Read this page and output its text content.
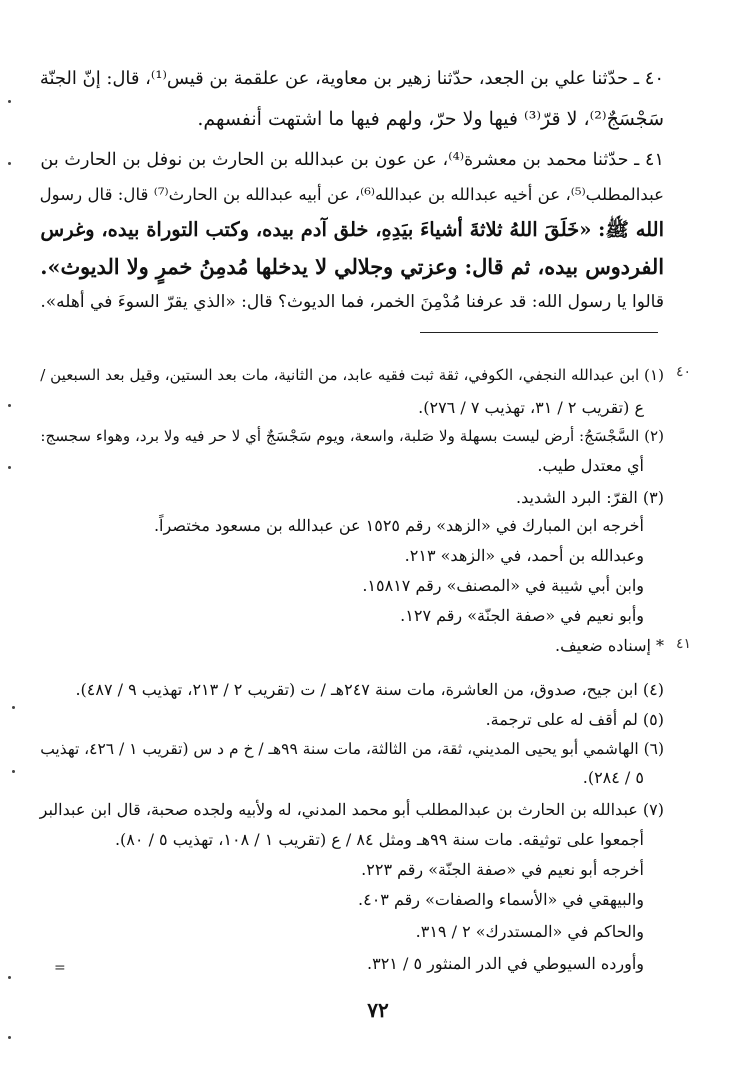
٤٠ ـ حدّثنا علي بن الجعد، حدّثنا زهير بن معاوية، عن علقمة بن قيس⁽¹⁾، قال: إنّ الجنّة
سَجْسَجٌ⁽²⁾، لا قرّ⁽³⁾ فيها ولا حرّ، ولهم فيها ما اشتهت أنفسهم.
٤١ ـ حدّثنا محمد بن معشرة⁽⁴⁾، عن عون بن عبدالله بن الحارث بن نوفل بن الحارث بن
عبدالمطلب⁽⁵⁾، عن أخيه عبدالله بن عبدالله⁽⁶⁾، عن أبيه عبدالله بن الحارث⁽⁷⁾ قال: قال رسول
الله ﷺ: «خَلَقَ اللهُ ثلاثةَ أشياءَ بيَدِهِ، خلق آدم بيده، وكتب التوراة بيده، وغرس
الفردوس بيده، ثم قال: وعزتي وجلالي لا يدخلها مُدمِنُ خمرٍ ولا الديوث».
قالوا يا رسول الله: قد عرفنا مُدْمِنَ الخمر، فما الديوث؟ قال: «الذي يقرّ السوءَ في أهله».
(١) ابن عبدالله النجفي، الكوفي، ثقة ثبت فقيه عابد، من الثانية، مات بعد الستين، وقيل بعد السبعين /
ع (تقريب ٢ / ٣١، تهذيب ٧ / ٢٧٦).
(٢) السَّجْسَجُ: أرض ليست بسهلة ولا صَلبة، واسعة، ويوم سَجْسَجٌ أي لا حر فيه ولا برد، وهواء سجسج:
أي معتدل طيب.
(٣) القرّ: البرد الشديد.
أخرجه ابن المبارك في «الزهد» رقم ١٥٢٥ عن عبدالله بن مسعود مختصراً.
وعبدالله بن أحمد، في «الزهد» ٢١٣.
وابن أبي شيبة في «المصنف» رقم ١٥٨١٧.
وأبو نعيم في «صفة الجنّة» رقم ١٢٧.
* إسناده ضعيف.
(٤) ابن جيح، صدوق، من العاشرة، مات سنة ٢٤٧هـ / ت (تقريب ٢ / ٢١٣، تهذيب ٩ / ٤٨٧).
(٥) لم أقف له على ترجمة.
(٦) الهاشمي أبو يحيى المديني، ثقة، من الثالثة، مات سنة ٩٩هـ / خ م د س (تقريب ١ / ٤٢٦، تهذيب
٥ / ٢٨٤).
(٧) عبدالله بن الحارث بن عبدالمطلب أبو محمد المدني، له ولأبيه ولجده صحبة، قال ابن عبدالبر
أجمعوا على توثيقه. مات سنة ٩٩هـ ومثل ٨٤ / ع (تقريب ١ / ١٠٨، تهذيب ٥ / ٨٠).
أخرجه أبو نعيم في «صفة الجنّة» رقم ٢٢٣.
والبيهقي في «الأسماء والصفات» رقم ٤٠٣.
والحاكم في «المستدرك» ٢ / ٣١٩.
وأورده السيوطي في الدر المنثور ٥ / ٣٢١.
٤٠
٤١
=
٧٢
